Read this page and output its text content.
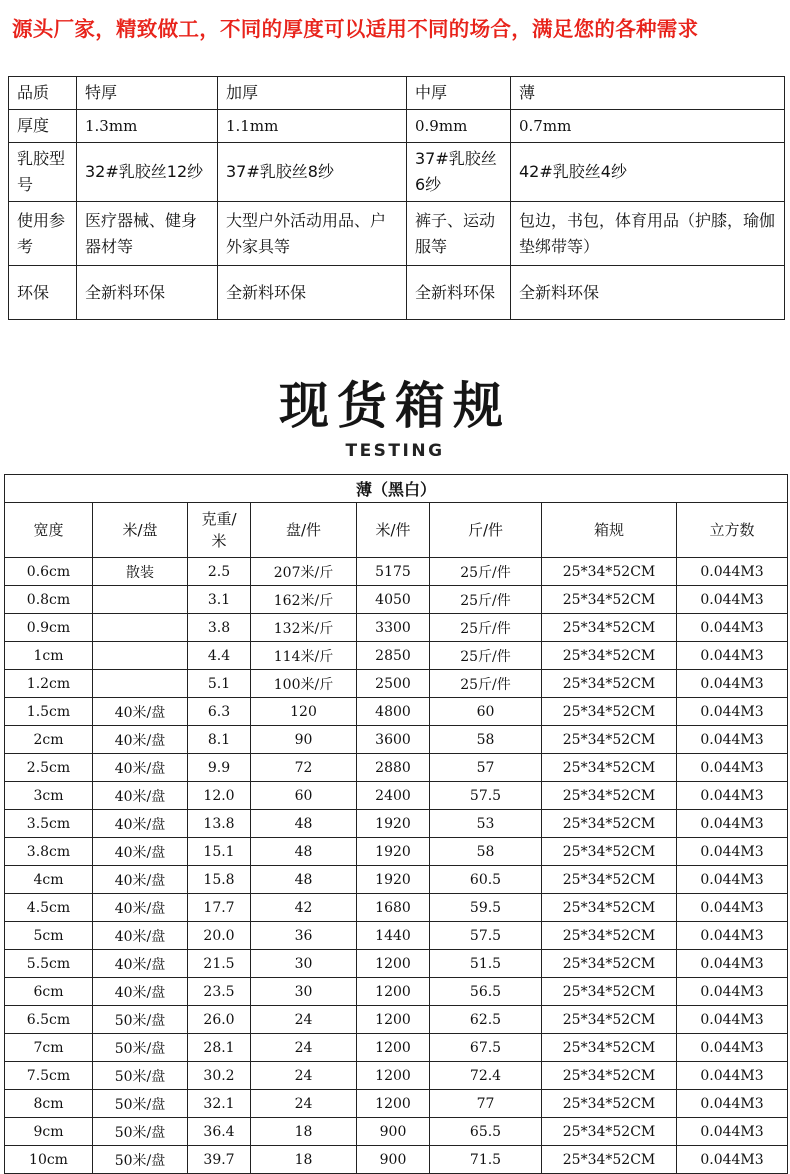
源头厂家，精致做工，不同的厚度可以适用不同的场合，满足您的各种需求
品质	特厚	加厚	中厚	薄
厚度	1.3mm	1.1mm	0.9mm	0.7mm
乳胶型号	32#乳胶丝12纱	37#乳胶丝8纱	37#乳胶丝6纱	42#乳胶丝4纱
使用参考	医疗器械、健身器材等	大型户外活动用品、户外家具等	裤子、运动服等	包边，书包，体育用品（护膝，瑜伽垫绑带等）
环保	全新料环保	全新料环保	全新料环保	全新料环保
现货箱规
TESTING
薄（黑白）							
宽度	米/盘	克重/米	盘/件	米/件	斤/件	箱规	立方数
0.6cm	散装	2.5	207米/斤	5175	25斤/件	25*34*52CM	0.044M3
0.8cm		3.1	162米/斤	4050	25斤/件	25*34*52CM	0.044M3
0.9cm		3.8	132米/斤	3300	25斤/件	25*34*52CM	0.044M3
1cm		4.4	114米/斤	2850	25斤/件	25*34*52CM	0.044M3
1.2cm		5.1	100米/斤	2500	25斤/件	25*34*52CM	0.044M3
1.5cm	40米/盘	6.3	120	4800	60	25*34*52CM	0.044M3
2cm	40米/盘	8.1	90	3600	58	25*34*52CM	0.044M3
2.5cm	40米/盘	9.9	72	2880	57	25*34*52CM	0.044M3
3cm	40米/盘	12.0	60	2400	57.5	25*34*52CM	0.044M3
3.5cm	40米/盘	13.8	48	1920	53	25*34*52CM	0.044M3
3.8cm	40米/盘	15.1	48	1920	58	25*34*52CM	0.044M3
4cm	40米/盘	15.8	48	1920	60.5	25*34*52CM	0.044M3
4.5cm	40米/盘	17.7	42	1680	59.5	25*34*52CM	0.044M3
5cm	40米/盘	20.0	36	1440	57.5	25*34*52CM	0.044M3
5.5cm	40米/盘	21.5	30	1200	51.5	25*34*52CM	0.044M3
6cm	40米/盘	23.5	30	1200	56.5	25*34*52CM	0.044M3
6.5cm	50米/盘	26.0	24	1200	62.5	25*34*52CM	0.044M3
7cm	50米/盘	28.1	24	1200	67.5	25*34*52CM	0.044M3
7.5cm	50米/盘	30.2	24	1200	72.4	25*34*52CM	0.044M3
8cm	50米/盘	32.1	24	1200	77	25*34*52CM	0.044M3
9cm	50米/盘	36.4	18	900	65.5	25*34*52CM	0.044M3
10cm	50米/盘	39.7	18	900	71.5	25*34*52CM	0.044M3
